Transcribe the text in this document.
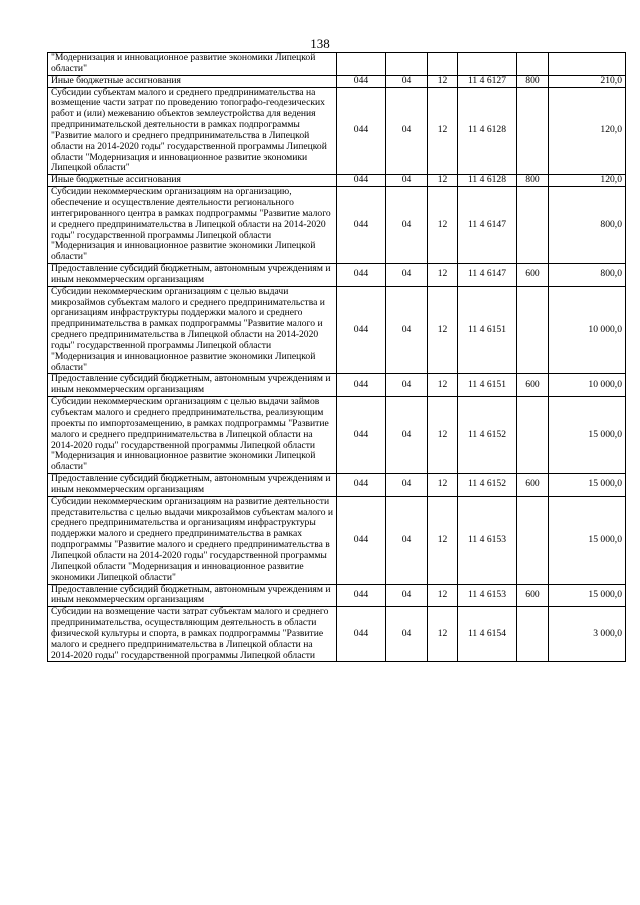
138
"Модернизация и инновационное развитие экономики Липецкой области"						
Иные бюджетные ассигнования	044	04	12	11 4 6127	800	210,0
Субсидии субъектам малого и среднего предпринимательства на возмещение части затрат по проведению топографо-геодезических работ и (или) межеванию объектов землеустройства для ведения предпринимательской деятельности в рамках подпрограммы "Развитие малого и среднего предпринимательства в Липецкой области на 2014-2020 годы" государственной программы Липецкой области "Модернизация и инновационное развитие экономики Липецкой области"	044	04	12	11 4 6128		120,0
Иные бюджетные ассигнования	044	04	12	11 4 6128	800	120,0
Субсидии некоммерческим организациям на организацию, обеспечение и осуществление деятельности регионального интегрированного центра в рамках подпрограммы "Развитие малого и среднего предпринимательства в Липецкой области на 2014-2020 годы" государственной программы Липецкой области "Модернизация и инновационное развитие экономики Липецкой области"	044	04	12	11 4 6147		800,0
Предоставление субсидий бюджетным, автономным учреждениям и иным некоммерческим организациям	044	04	12	11 4 6147	600	800,0
Субсидии некоммерческим организациям с целью выдачи микрозаймов субъектам малого и среднего предпринимательства и организациям инфраструктуры поддержки малого и среднего предпринимательства в рамках подпрограммы "Развитие малого и среднего предпринимательства в Липецкой области на 2014-2020 годы" государственной программы Липецкой области "Модернизация и инновационное развитие экономики Липецкой области"	044	04	12	11 4 6151		10 000,0
Предоставление субсидий бюджетным, автономным учреждениям и иным некоммерческим организациям	044	04	12	11 4 6151	600	10 000,0
Субсидии некоммерческим организациям с целью выдачи займов субъектам малого и среднего предпринимательства, реализующим проекты по импортозамещению, в рамках подпрограммы "Развитие малого и среднего предпринимательства в Липецкой области на 2014-2020 годы" государственной программы Липецкой области "Модернизация и инновационное развитие экономики Липецкой области"	044	04	12	11 4 6152		15 000,0
Предоставление субсидий бюджетным, автономным учреждениям и иным некоммерческим организациям	044	04	12	11 4 6152	600	15 000,0
Субсидии некоммерческим организациям на развитие деятельности представительства с целью выдачи микрозаймов субъектам малого и среднего предпринимательства и организациям инфраструктуры поддержки малого и среднего предпринимательства в рамках подпрограммы "Развитие малого и среднего предпринимательства в Липецкой области на 2014-2020 годы" государственной программы Липецкой области "Модернизация и инновационное развитие экономики Липецкой области"	044	04	12	11 4 6153		15 000,0
Предоставление субсидий бюджетным, автономным учреждениям и иным некоммерческим организациям	044	04	12	11 4 6153	600	15 000,0
Субсидии на возмещение части затрат субъектам малого и среднего предпринимательства, осуществляющим деятельность в области физической культуры и спорта, в рамках подпрограммы "Развитие малого и среднего предпринимательства в Липецкой области на 2014-2020 годы" государственной программы Липецкой области	044	04	12	11 4 6154		3 000,0
